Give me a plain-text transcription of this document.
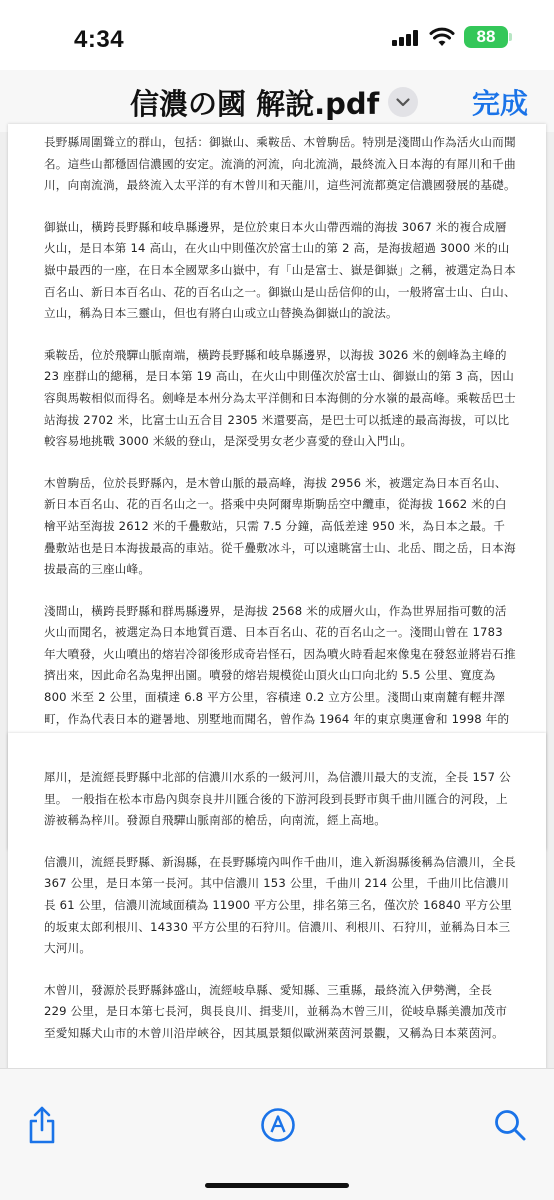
4:34	88
信濃の國 解說.pdf	完成

長野縣周圍聳立的群山，包括：御嶽山、乘鞍岳、木曾駒岳。特別是淺間山作為活火山而聞名。這些山都穩固信濃國的安定。流淌的河流，向北流淌，最終流入日本海的有犀川和千曲川，向南流淌，最終流入太平洋的有木曾川和天龍川，這些河流都奠定信濃國發展的基礎。

御嶽山，橫跨長野縣和岐阜縣邊界，是位於東日本火山帶西端的海拔 3067 米的複合成層火山，是日本第 14 高山，在火山中則僅次於富士山的第 2 高，是海拔超過 3000 米的山嶽中最西的一座，在日本全國眾多山嶽中，有「山是富士、嶽是御嶽」之稱，被選定為日本百名山、新日本百名山、花的百名山之一。御嶽山是山岳信仰的山，一般將富士山、白山、立山，稱為日本三靈山，但也有將白山或立山替換為御嶽山的說法。

乘鞍岳，位於飛驒山脈南端，橫跨長野縣和岐阜縣邊界，以海拔 3026 米的劍峰為主峰的 23 座群山的總稱，是日本第 19 高山，在火山中則僅次於富士山、御嶽山的第 3 高，因山容與馬鞍相似而得名。劍峰是本州分為太平洋側和日本海側的分水嶺的最高峰。乘鞍岳巴士站海拔 2702 米，比富士山五合目 2305 米還要高，是巴士可以抵達的最高海拔，可以比較容易地挑戰 3000 米級的登山，是深受男女老少喜愛的登山入門山。

木曾駒岳，位於長野縣內，是木曾山脈的最高峰，海拔 2956 米，被選定為日本百名山、新日本百名山、花的百名山之一。搭乘中央阿爾卑斯駒岳空中纜車，從海拔 1662 米的白檜平站至海拔 2612 米的千疊敷站，只需 7.5 分鐘，高低差達 950 米，為日本之最。千疊敷站也是日本海拔最高的車站。從千疊敷冰斗，可以遠眺富士山、北岳、間之岳，日本海拔最高的三座山峰。

淺間山，橫跨長野縣和群馬縣邊界，是海拔 2568 米的成層火山，作為世界屈指可數的活火山而聞名，被選定為日本地質百選、日本百名山、花的百名山之一。淺間山曾在 1783 年大噴發，火山噴出的熔岩冷卻後形成奇岩怪石，因為噴火時看起來像鬼在發怒並將岩石推擠出來，因此命名為鬼押出園。噴發的熔岩規模從山頂火山口向北約 5.5 公里、寬度為 800 米至 2 公里，面積達 6.8 平方公里，容積達 0.2 立方公里。淺間山東南麓有輕井澤町，作為代表日本的避暑地、別墅地而聞名，曾作為 1964 年的東京奧運會和 1998 年的

犀川，是流經長野縣中北部的信濃川水系的一級河川，為信濃川最大的支流，全長 157 公里。 一般指在松本市島內與奈良井川匯合後的下游河段到長野市與千曲川匯合的河段，上游被稱為梓川。發源自飛驒山脈南部的槍岳，向南流，經上高地。

信濃川，流經長野縣、新潟縣，在長野縣境內叫作千曲川，進入新潟縣後稱為信濃川，全長 367 公里，是日本第一長河。其中信濃川 153 公里，千曲川 214 公里，千曲川比信濃川長 61 公里，信濃川流域面積為 11900 平方公里，排名第三名，僅次於 16840 平方公里的坂東太郎利根川、14330 平方公里的石狩川。信濃川、利根川、石狩川，並稱為日本三大河川。

木曾川，發源於長野縣鉢盛山，流經岐阜縣、愛知縣、三重縣，最終流入伊勢灣，全長 229 公里，是日本第七長河，與長良川、揖斐川，並稱為木曾三川，從岐阜縣美濃加茂市至愛知縣犬山市的木曾川沿岸峽谷，因其風景類似歐洲萊茵河景觀，又稱為日本萊茵河。
